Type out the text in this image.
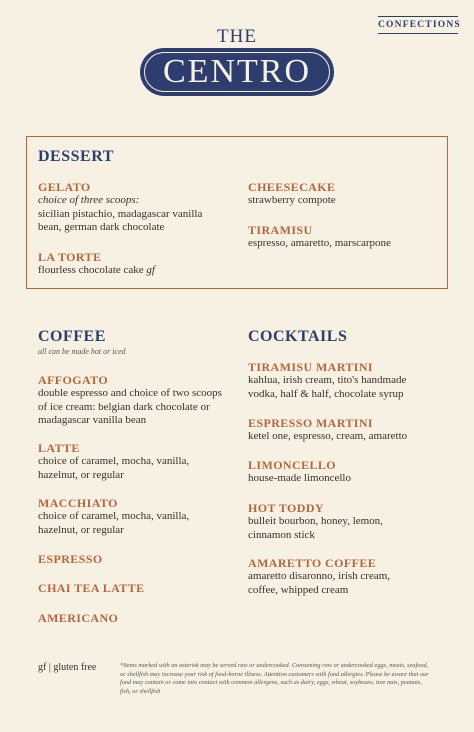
CONFECTIONS
THE
CENTRO
DESSERT
GELATO
choice of three scoops:
sicilian pistachio, madagascar vanilla
bean, german dark chocolate
LA TORTE
flourless chocolate cake gf
CHEESECAKE
strawberry compote
TIRAMISU
espresso, amaretto, marscarpone
COFFEE
all can be made hot or iced
AFFOGATO
double espresso and choice of two scoops
of ice cream: belgian dark chocolate or
madagascar vanilla bean
LATTE
choice of caramel, mocha, vanilla,
hazelnut, or regular
MACCHIATO
choice of caramel, mocha, vanilla,
hazelnut, or regular
ESPRESSO
CHAI TEA LATTE
AMERICANO
COCKTAILS
TIRAMISU MARTINI
kahlua, irish cream, tito's handmade
vodka, half & half, chocolate syrup
ESPRESSO MARTINI
ketel one, espresso, cream, amaretto
LIMONCELLO
house-made limoncello
HOT TODDY
bulleit bourbon, honey, lemon,
cinnamon stick
AMARETTO COFFEE
amaretto disaronno, irish cream,
coffee, whipped cream
gf | gluten free	*Items marked with an asterisk may be served raw or undercooked. Consuming raw or undercooked eggs, meats, seafood, or shellfish may increase your risk of food-borne illness. Attention customers with food allergies. Please be aware that our food may contain or come into contact with common allergens, such as dairy, eggs, wheat, soybeans, tree nuts, peanuts, fish, or shellfish
